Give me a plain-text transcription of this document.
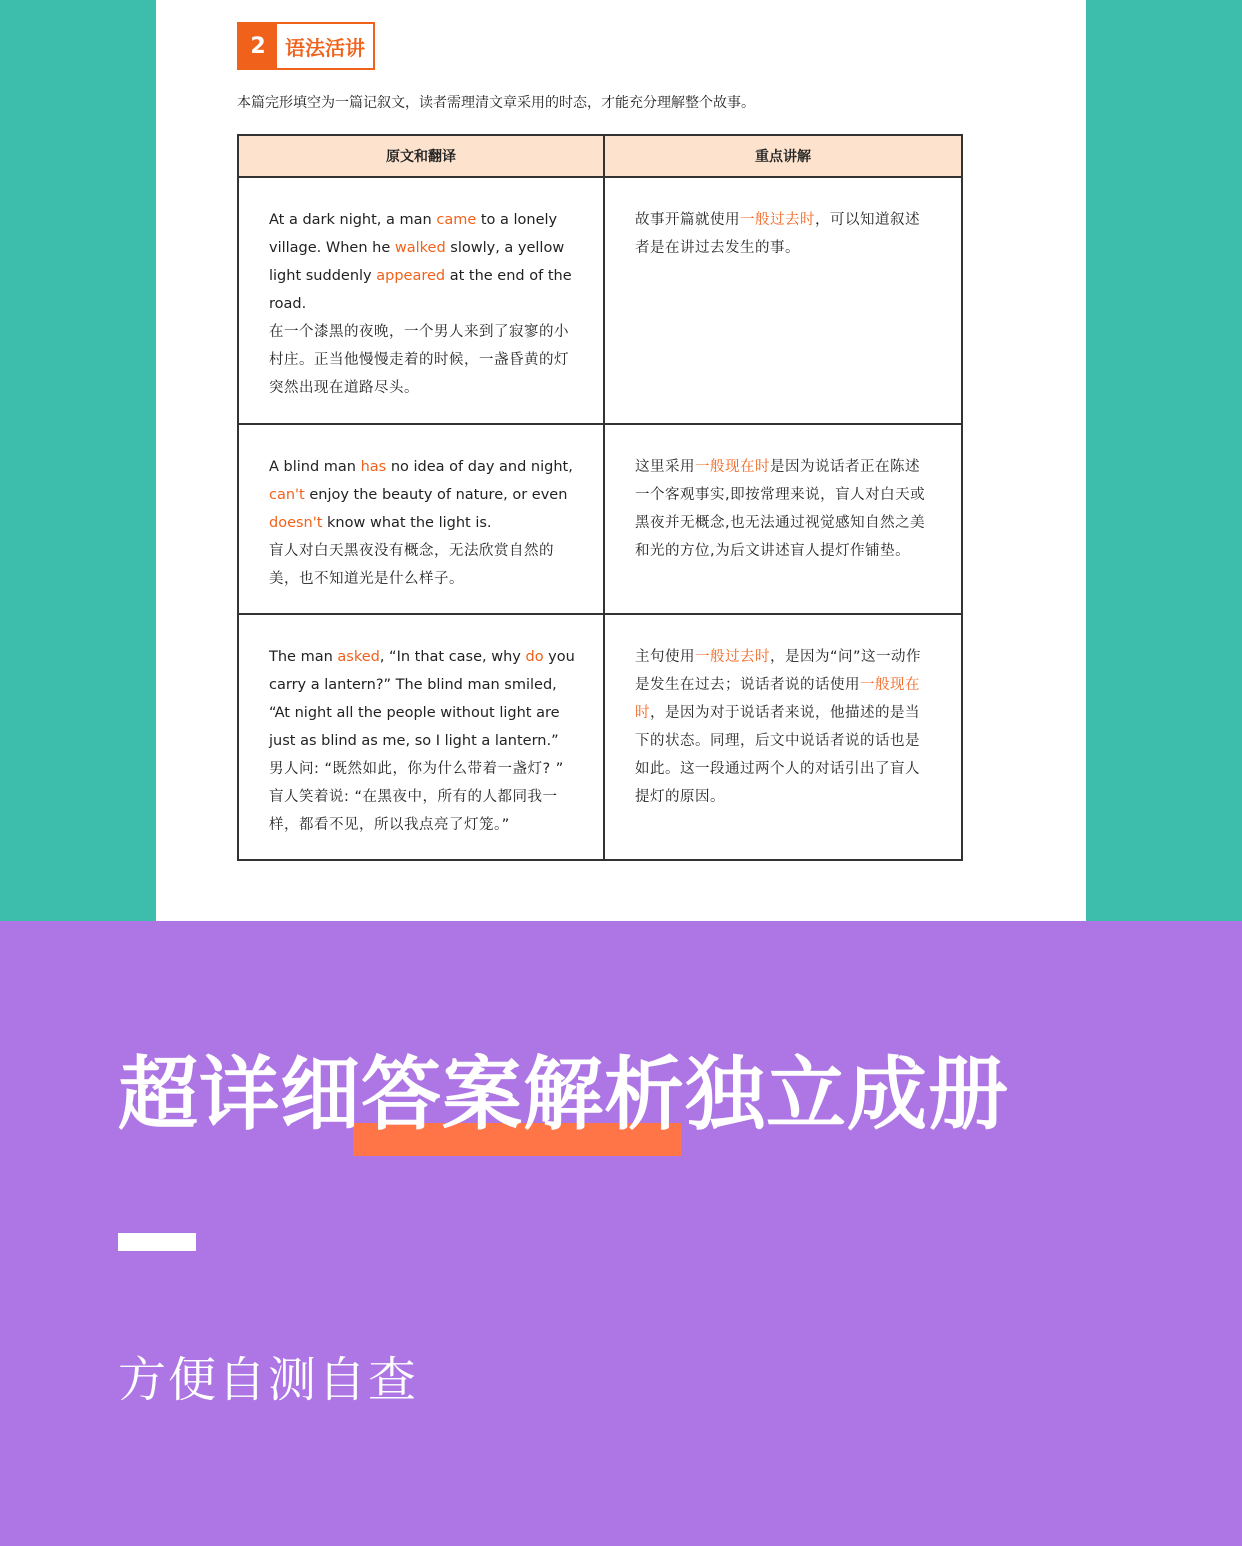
2 语法活讲
本篇完形填空为一篇记叙文，读者需理清文章采用的时态，才能充分理解整个故事。
原文和翻译	重点讲解

At a dark night, a man came to a lonely village. When he walked slowly, a yellow light suddenly appeared at the end of the road.
在一个漆黑的夜晚，一个男人来到了寂寥的小村庄。正当他慢慢走着的时候，一盏昏黄的灯突然出现在道路尽头。	故事开篇就使用一般过去时，可以知道叙述者是在讲过去发生的事。

A blind man has no idea of day and night, can't enjoy the beauty of nature, or even doesn't know what the light is.
盲人对白天黑夜没有概念，无法欣赏自然的美，也不知道光是什么样子。	这里采用一般现在时是因为说话者正在陈述一个客观事实,即按常理来说，盲人对白天或黑夜并无概念,也无法通过视觉感知自然之美和光的方位,为后文讲述盲人提灯作铺垫。

The man asked, “In that case, why do you carry a lantern?” The blind man smiled, “At night all the people without light are just as blind as me, so I light a lantern.”
男人问: “既然如此，你为什么带着一盏灯? ” 盲人笑着说: “在黑夜中，所有的人都同我一样，都看不见，所以我点亮了灯笼。”	主句使用一般过去时，是因为“问”这一动作是发生在过去；说话者说的话使用一般现在时，是因为对于说话者来说，他描述的是当下的状态。同理，后文中说话者说的话也是如此。这一段通过两个人的对话引出了盲人提灯的原因。
超详细答案解析独立成册
方便自测自查
